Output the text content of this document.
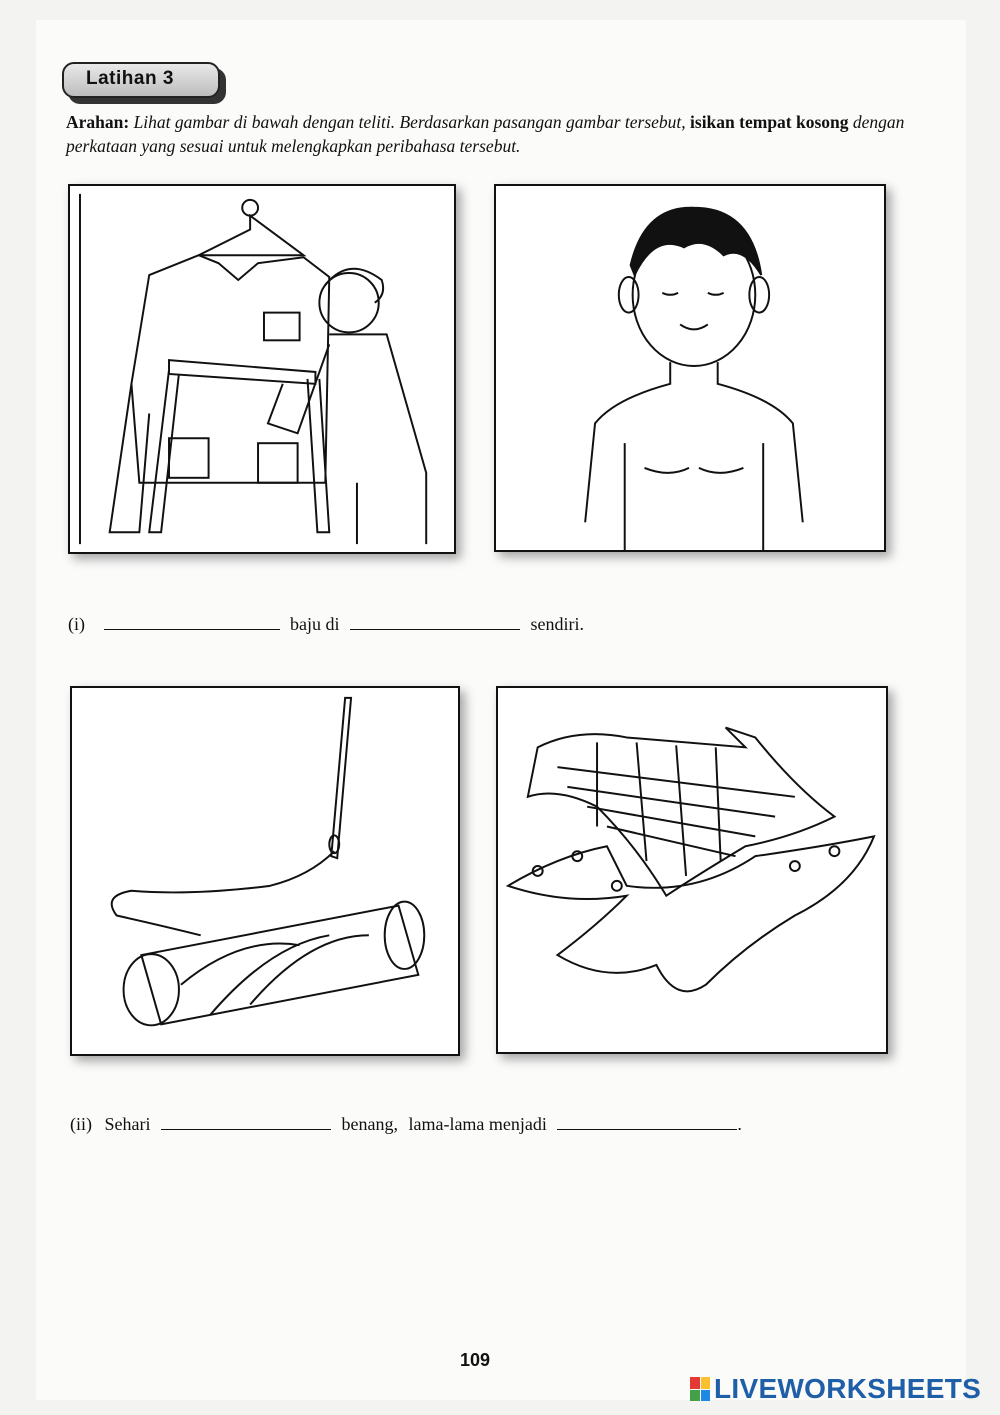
Latihan 3
Arahan: Lihat gambar di bawah dengan teliti. Berdasarkan pasangan gambar tersebut, isikan tempat kosong dengan perkataan yang sesuai untuk melengkapkan peribahasa tersebut.
(i)	baju di	sendiri.
(ii) Sehari	benang, lama-lama menjadi	.
109
LIVEWORKSHEETS
